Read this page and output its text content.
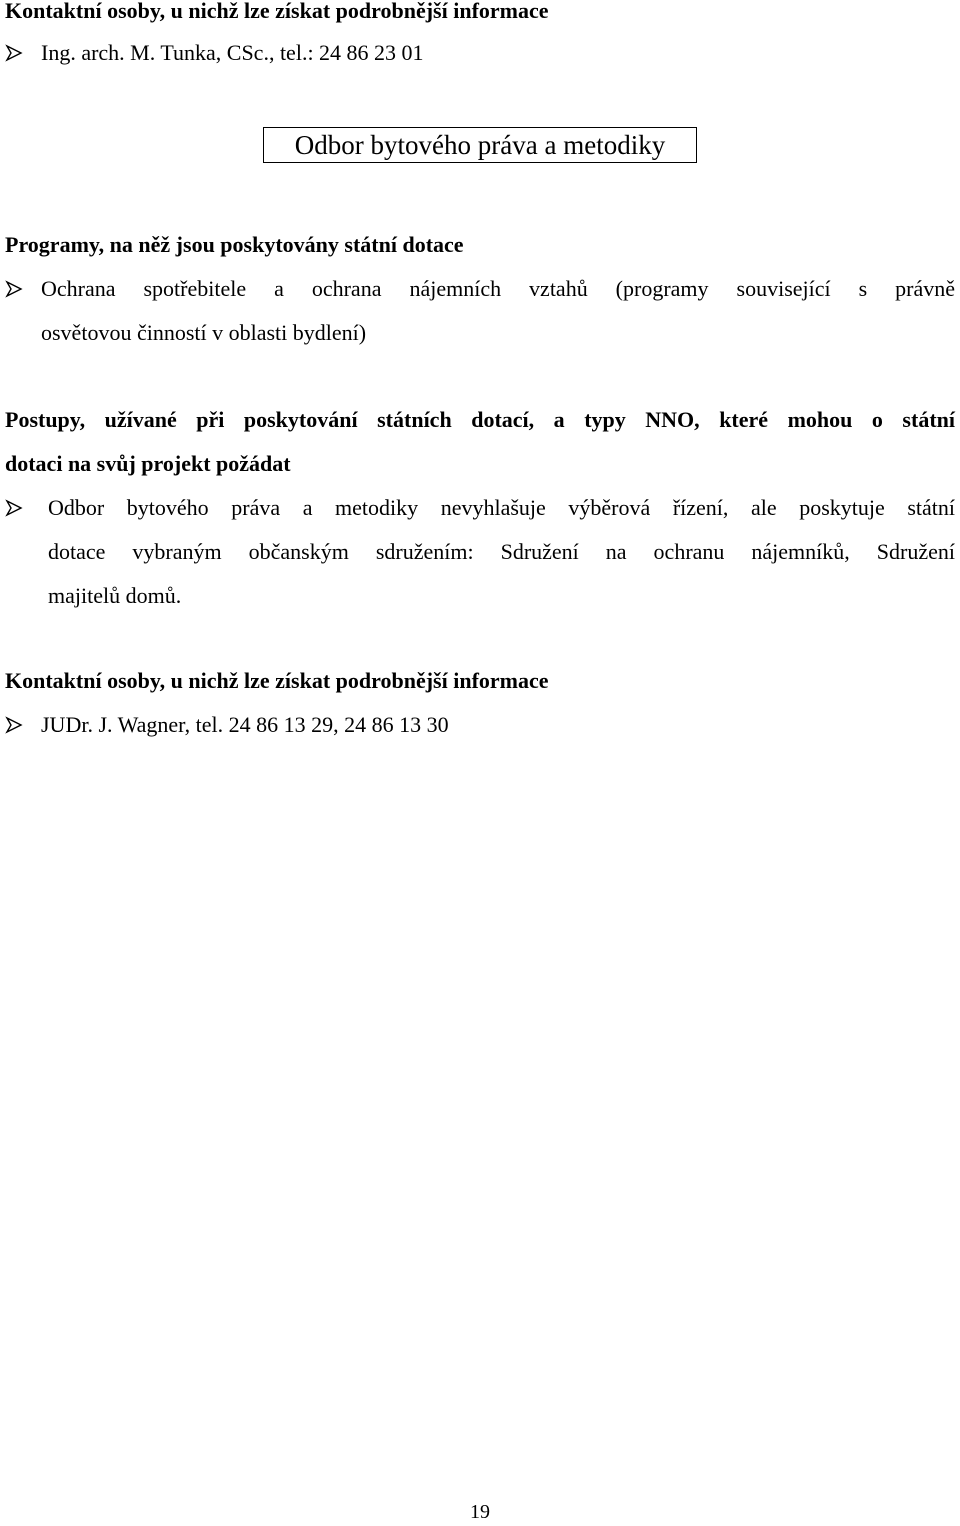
Kontaktní osoby, u nichž lze získat podrobnější informace
Ing. arch. M. Tunka, CSc., tel.: 24 86 23 01
Odbor bytového práva a metodiky
Programy, na něž jsou poskytovány státní dotace
Ochrana spotřebitele a ochrana nájemních vztahů (programy související s právně
osvětovou činností v oblasti bydlení)
Postupy, užívané při poskytování státních dotací, a typy NNO, které mohou o státní
dotaci na svůj projekt požádat
Odbor bytového práva a metodiky nevyhlašuje výběrová řízení, ale poskytuje státní
dotace vybraným občanským sdružením: Sdružení na ochranu nájemníků, Sdružení
majitelů domů.
Kontaktní osoby, u nichž lze získat podrobnější informace
JUDr. J. Wagner, tel. 24 86 13 29, 24 86 13 30
19
